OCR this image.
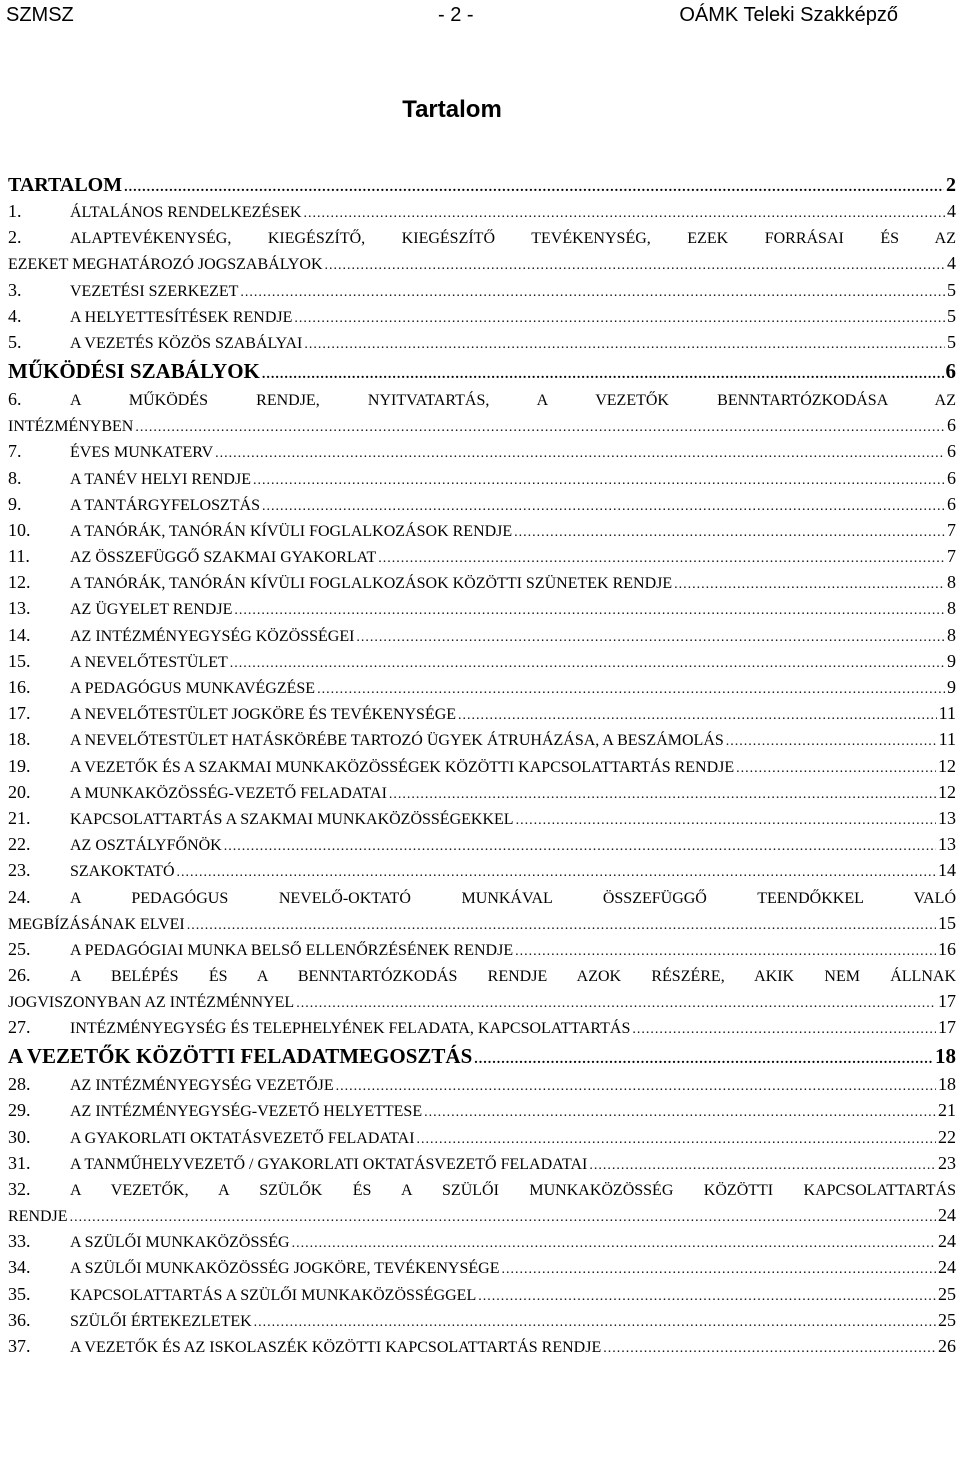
SZMSZ	- 2 -	OÁMK Teleki Szakképző
Tartalom
TARTALOM .....	2
1.	ÁLTALÁNOS RENDELKEZÉSEK .....	4
2.	ALAPTEVÉKENYSÉG, KIEGÉSZÍTŐ, KIEGÉSZÍTŐ TEVÉKENYSÉG, EZEK FORRÁSAI ÉS AZ
EZEKET MEGHATÁROZÓ JOGSZABÁLYOK .....	4
3.	VEZETÉSI SZERKEZET .....	5
4.	A HELYETTESÍTÉSEK RENDJE .....	5
5.	A VEZETÉS KÖZÖS SZABÁLYAI .....	5
MŰKÖDÉSI SZABÁLYOK .....	6
6.	A MŰKÖDÉS RENDJE, NYITVATARTÁS, A VEZETŐK BENNTARTÓZKODÁSA AZ
INTÉZMÉNYBEN .....	6
7.	ÉVES MUNKATERV .....	6
8.	A TANÉV HELYI RENDJE .....	6
9.	A TANTÁRGYFELOSZTÁS .....	6
10.	A TANÓRÁK, TANÓRÁN KÍVÜLI FOGLALKOZÁSOK RENDJE .....	7
11.	AZ ÖSSZEFÜGGŐ SZAKMAI GYAKORLAT .....	7
12.	A TANÓRÁK, TANÓRÁN KÍVÜLI FOGLALKOZÁSOK KÖZÖTTI SZÜNETEK RENDJE .....	8
13.	AZ ÜGYELET RENDJE .....	8
14.	AZ INTÉZMÉNYEGYSÉG KÖZÖSSÉGEI .....	8
15.	A NEVELŐTESTÜLET .....	9
16.	A PEDAGÓGUS MUNKAVÉGZÉSE .....	9
17.	A NEVELŐTESTÜLET JOGKÖRE ÉS TEVÉKENYSÉGE .....	11
18.	A NEVELŐTESTÜLET HATÁSKÖRÉBE TARTOZÓ ÜGYEK ÁTRUHÁZÁSA, A BESZÁMOLÁS .....	11
19.	A VEZETŐK ÉS A SZAKMAI MUNKAKÖZÖSSÉGEK KÖZÖTTI KAPCSOLATTARTÁS RENDJE .....	12
20.	A MUNKAKÖZÖSSÉG-VEZETŐ FELADATAI .....	12
21.	KAPCSOLATTARTÁS A SZAKMAI MUNKAKÖZÖSSÉGEKKEL .....	13
22.	AZ OSZTÁLYFŐNÖK .....	13
23.	SZAKOKTATÓ .....	14
24.	A PEDAGÓGUS NEVELŐ-OKTATÓ MUNKÁVAL ÖSSZEFÜGGŐ TEENDŐKKEL VALÓ
MEGBÍZÁSÁNAK ELVEI .....	15
25.	A PEDAGÓGIAI MUNKA BELSŐ ELLENŐRZÉSÉNEK RENDJE .....	16
26.	A BELÉPÉS ÉS A BENNTARTÓZKODÁS RENDJE AZOK RÉSZÉRE, AKIK NEM ÁLLNAK
JOGVISZONYBAN AZ INTÉZMÉNNYEL .....	17
27.	INTÉZMÉNYEGYSÉG ÉS TELEPHELYÉNEK FELADATA, KAPCSOLATTARTÁS .....	17
A VEZETŐK KÖZÖTTI FELADATMEGOSZTÁS .....	18
28.	AZ INTÉZMÉNYEGYSÉG VEZETŐJE .....	18
29.	AZ INTÉZMÉNYEGYSÉG-VEZETŐ HELYETTESE .....	21
30.	A GYAKORLATI OKTATÁSVEZETŐ FELADATAI .....	22
31.	A TANMŰHELYVEZETŐ / GYAKORLATI OKTATÁSVEZETŐ FELADATAI .....	23
32.	A VEZETŐK, A SZÜLŐK ÉS A SZÜLŐI MUNKAKÖZÖSSÉG KÖZÖTTI KAPCSOLATTARTÁS
RENDJE .....	24
33.	A SZÜLŐI MUNKAKÖZÖSSÉG .....	24
34.	A SZÜLŐI MUNKAKÖZÖSSÉG JOGKÖRE, TEVÉKENYSÉGE .....	24
35.	KAPCSOLATTARTÁS A SZÜLŐI MUNKAKÖZÖSSÉGGEL .....	25
36.	SZÜLŐI ÉRTEKEZLETEK .....	25
37.	A VEZETŐK ÉS AZ ISKOLASZÉK KÖZÖTTI KAPCSOLATTARTÁS RENDJE .....	26
